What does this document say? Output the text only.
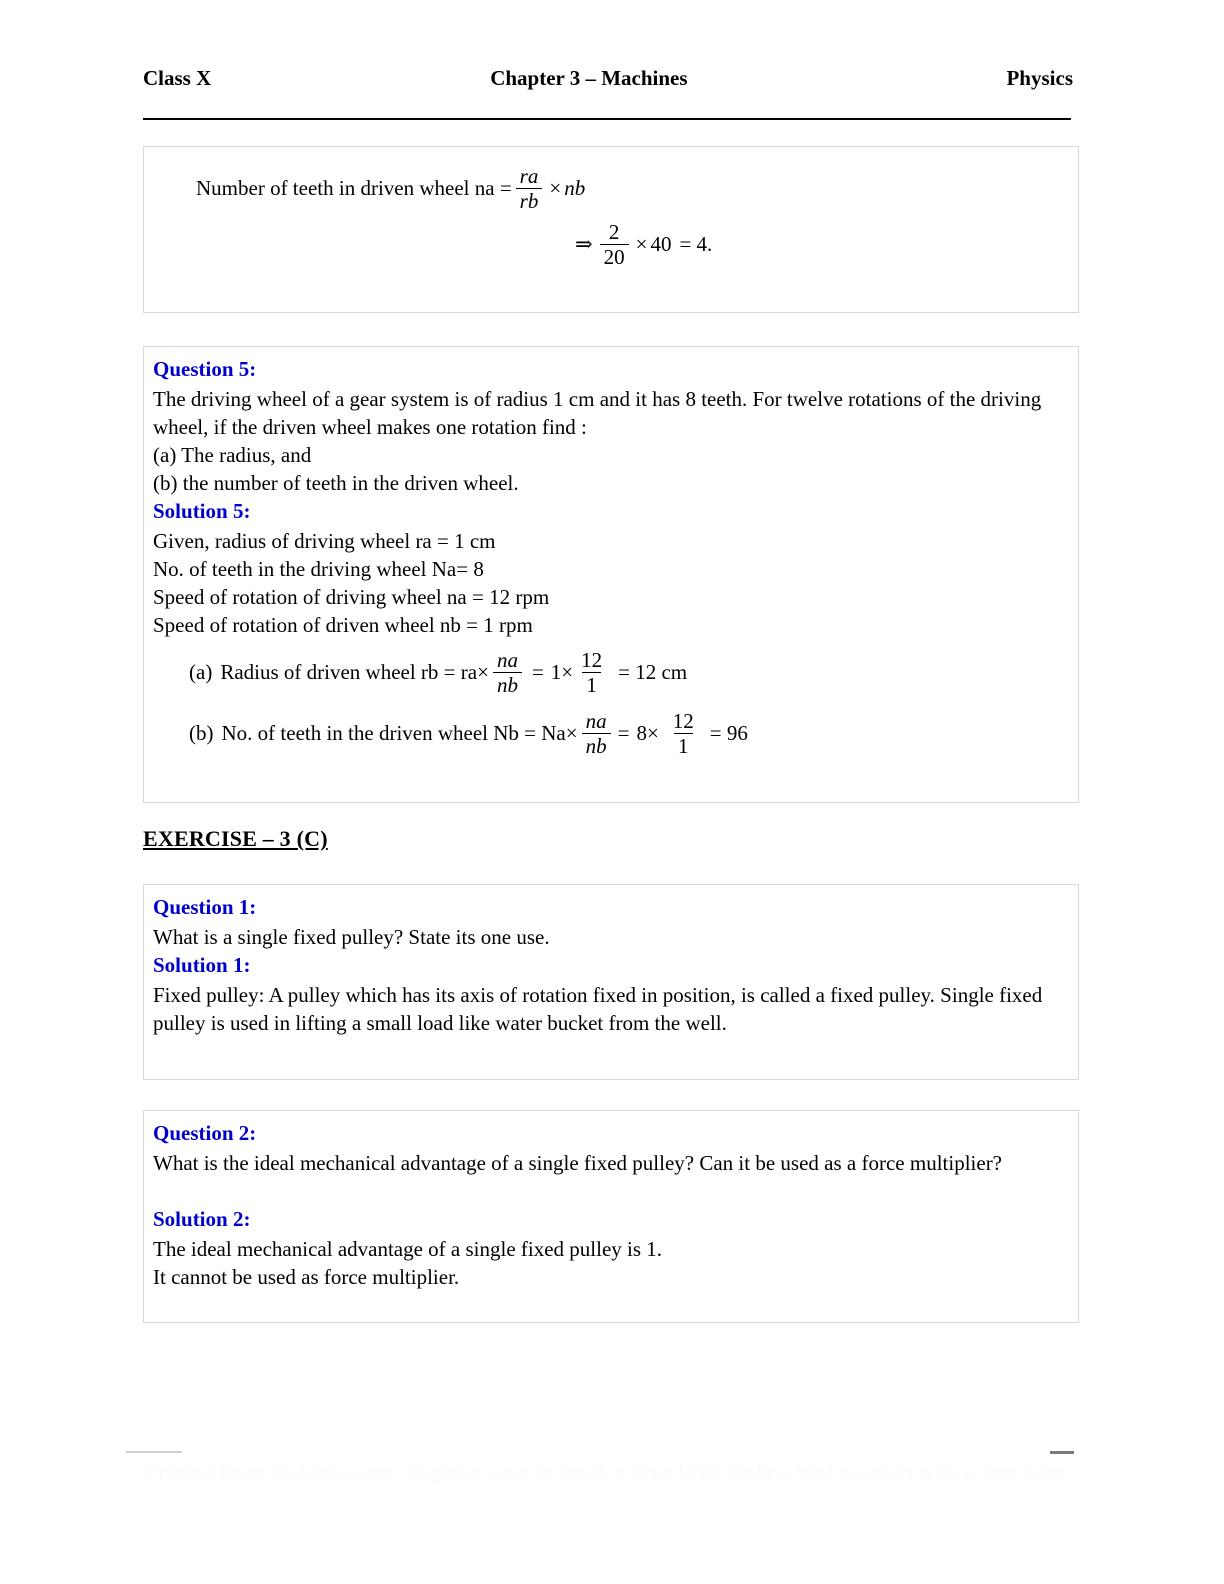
Class X	Chapter 3 – Machines	Physics
Number of teeth in driven wheel na = $\frac{ra}{rb}$ × nb
⇒ $\frac{2}{20} \times 40 = 4$.
Question 5:
The driving wheel of a gear system is of radius 1 cm and it has 8 teeth. For twelve rotations of the driving wheel, if the driven wheel makes one rotation find :
(a) The radius, and
(b) the number of teeth in the driven wheel.
Solution 5:
Given, radius of driving wheel ra = 1 cm
No. of teeth in the driving wheel Na= 8
Speed of rotation of driving wheel na = 12 rpm
Speed of rotation of driven wheel nb = 1 rpm
(a) Radius of driven wheel rb = $ra\times \frac{na}{nb} = 1\times \frac{12}{1} = 12$ cm
(b) No. of teeth in the driven wheel $Nb = Na\times \frac{na}{nb} = 8\times \frac{12}{1} = 96$
EXERCISE – 3 (C)
Question 1:
What is a single fixed pulley? State its one use.
Solution 1:
Fixed pulley: A pulley which has its axis of rotation fixed in position, is called a fixed pulley. Single fixed pulley is used in lifting a small load like water bucket from the well.
Question 2:
What is the ideal mechanical advantage of a single fixed pulley? Can it be used as a force multiplier?
Solution 2:
The ideal mechanical advantage of a single fixed pulley is 1.
It cannot be used as force multiplier.
Printed from Vedantu.com. Register now to book a Free LIVE Online trial session with a Top tutor.
